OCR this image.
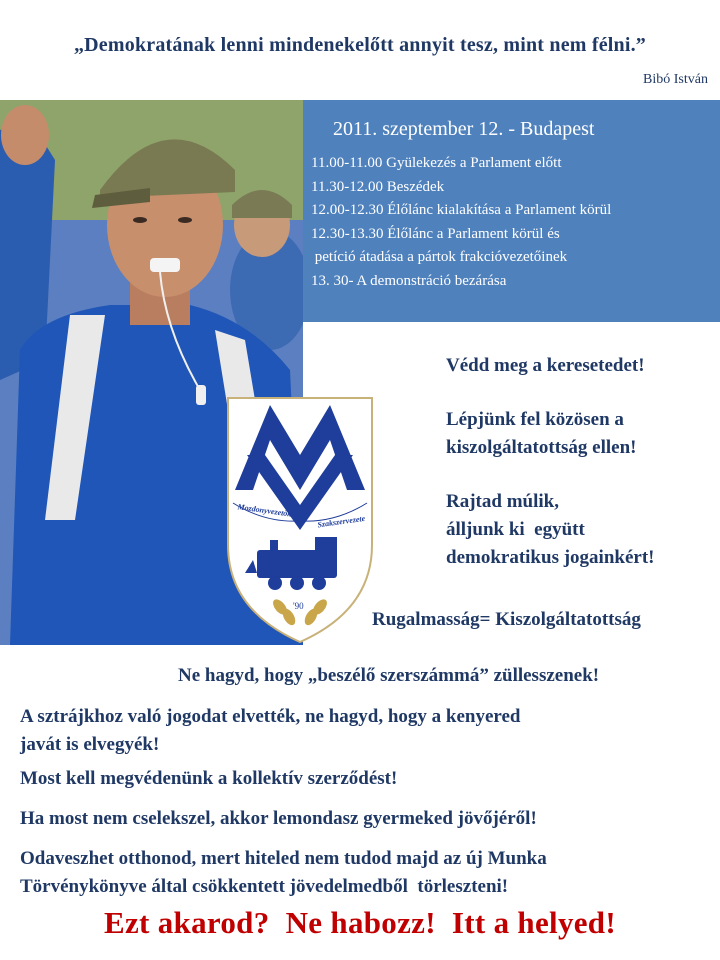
„Demokratának lenni mindenekelőtt annyit tesz, mint nem félni.”
Bibó István
2011. szeptember 12. - Budapest
11.00-11.00 Gyülekezés a Parlament előtt
11.30-12.00 Beszédek
12.00-12.30 Élőlánc kialakítása a Parlament körül
12.30-13.30 Élőlánc a Parlament körül és
petíció átadása a pártok frakcióvezetőinek
13. 30- A demonstráció bezárása
Védd meg a keresetedet!
Lépjünk fel közösen a
kiszolgáltatottság ellen!
Rajtad múlik,
álljunk ki  együtt
demokratikus jogainkért!
Rugalmasság= Kiszolgáltatottság
Mozdonyvezetők
Szakszervezete
'90
Ne hagyd, hogy „beszélő szerszámmá” züllesszenek!
A sztrájkhoz való jogodat elvették, ne hagyd, hogy a kenyered
javát is elvegyék!
Most kell megvédenünk a kollektív szerződést!
Ha most nem cselekszel, akkor lemondasz gyermeked jövőjéről!
Odaveszhet otthonod, mert hiteled nem tudod majd az új Munka
Törvénykönyve által csökkentett jövedelmedből  törleszteni!
Ezt akarod?  Ne habozz!  Itt a helyed!
